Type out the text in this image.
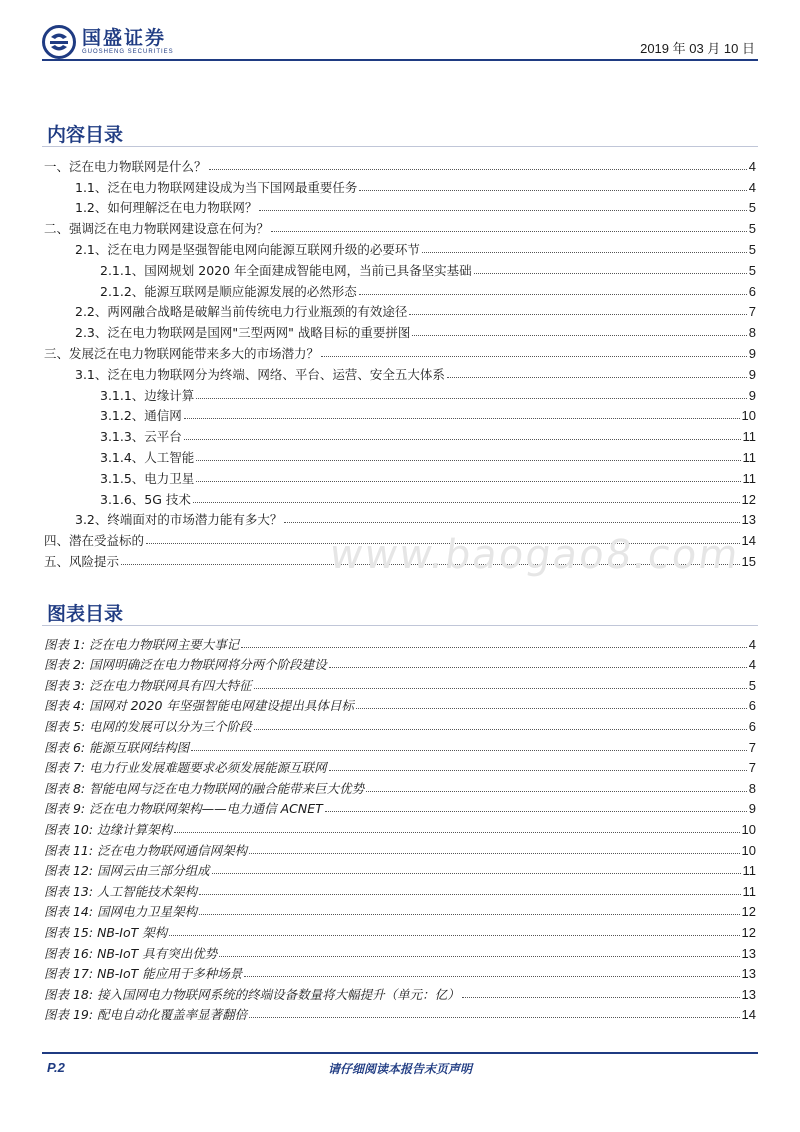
国盛证券
GUOSHENG SECURITIES	2019 年 03 月 10 日
内容目录
一、泛在电力物联网是什么？	4
1.1、泛在电力物联网建设成为当下国网最重要任务	4
1.2、如何理解泛在电力物联网？	5
二、强调泛在电力物联网建设意在何为？	5
2.1、泛在电力网是坚强智能电网向能源互联网升级的必要环节	5
2.1.1、国网规划 2020 年全面建成智能电网，当前已具备坚实基础	5
2.1.2、能源互联网是顺应能源发展的必然形态	6
2.2、两网融合战略是破解当前传统电力行业瓶颈的有效途径	7
2.3、泛在电力物联网是国网"三型两网" 战略目标的重要拼图	8
三、发展泛在电力物联网能带来多大的市场潜力？	9
3.1、泛在电力物联网分为终端、网络、平台、运营、安全五大体系	9
3.1.1、边缘计算	9
3.1.2、通信网	10
3.1.3、云平台	11
3.1.4、人工智能	11
3.1.5、电力卫星	11
3.1.6、5G 技术	12
3.2、终端面对的市场潜力能有多大？	13
四、潜在受益标的	14
五、风险提示	15
图表目录
图表 1: 泛在电力物联网主要大事记	4
图表 2: 国网明确泛在电力物联网将分两个阶段建设	4
图表 3: 泛在电力物联网具有四大特征	5
图表 4: 国网对 2020 年坚强智能电网建设提出具体目标	6
图表 5: 电网的发展可以分为三个阶段	6
图表 6: 能源互联网结构图	7
图表 7: 电力行业发展难题要求必须发展能源互联网	7
图表 8: 智能电网与泛在电力物联网的融合能带来巨大优势	8
图表 9: 泛在电力物联网架构——电力通信 ACNET	9
图表 10: 边缘计算架构	10
图表 11: 泛在电力物联网通信网架构	10
图表 12: 国网云由三部分组成	11
图表 13: 人工智能技术架构	11
图表 14: 国网电力卫星架构	12
图表 15: NB-IoT 架构	12
图表 16: NB-IoT 具有突出优势	13
图表 17: NB-IoT 能应用于多种场景	13
图表 18: 接入国网电力物联网系统的终端设备数量将大幅提升（单元：亿）	13
图表 19: 配电自动化覆盖率显著翻倍	14
www.baogao8.com
请仔细阅读本报告末页声明
P.2
